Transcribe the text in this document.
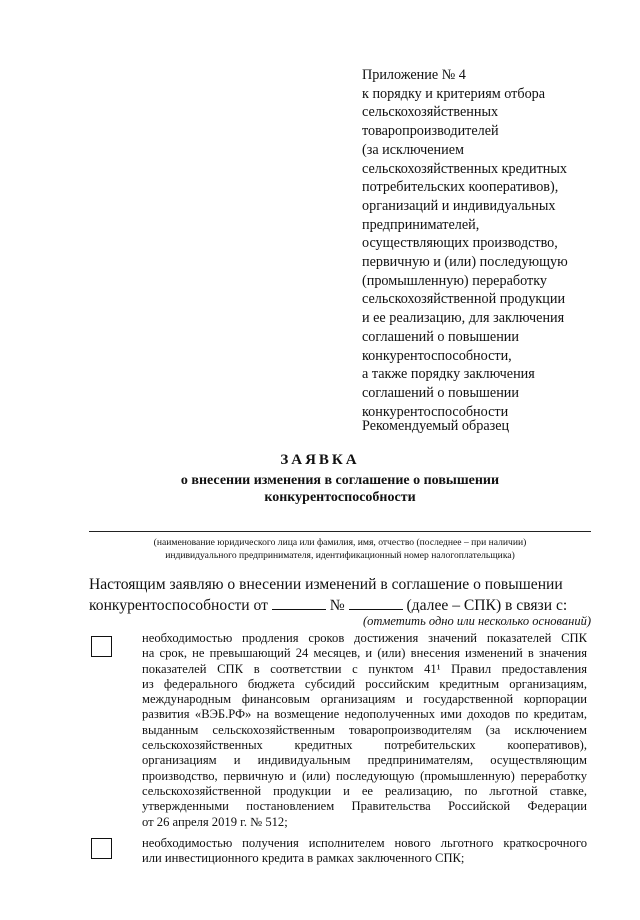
Приложение № 4
к порядку и критериям отбора
сельскохозяйственных
товаропроизводителей
(за исключением
сельскохозяйственных кредитных
потребительских кооперативов),
организаций и индивидуальных
предпринимателей,
осуществляющих производство,
первичную и (или) последующую
(промышленную) переработку
сельскохозяйственной продукции
и ее реализацию, для заключения
соглашений о повышении
конкурентоспособности,
а также порядку заключения
соглашений о повышении
конкурентоспособности
Рекомендуемый образец
ЗАЯВКА
о внесении изменения в соглашение о повышении
конкурентоспособности
(наименование юридического лица или фамилия, имя, отчество (последнее – при наличии)
индивидуального предпринимателя, идентификационный номер налогоплательщика)
Настоящим заявляю о внесении изменений в соглашение о повышении
конкурентоспособности от	№	(далее – СПК) в связи с:
(отметить одно или несколько оснований)
необходимостью продления сроков достижения значений показателей СПК
на срок, не превышающий 24 месяцев, и (или) внесения изменений в значения
показателей СПК в соответствии с пунктом 41¹ Правил предоставления
из федерального бюджета субсидий российским кредитным организациям,
международным финансовым организациям и государственной корпорации
развития «ВЭБ.РФ» на возмещение недополученных ими доходов по кредитам,
выданным сельскохозяйственным товаропроизводителям (за исключением
сельскохозяйственных кредитных потребительских кооперативов),
организациям и индивидуальным предпринимателям, осуществляющим
производство, первичную и (или) последующую (промышленную) переработку
сельскохозяйственной продукции и ее реализацию, по льготной ставке,
утвержденными постановлением Правительства Российской Федерации
от 26 апреля 2019 г. № 512;
необходимостью получения исполнителем нового льготного краткосрочного
или инвестиционного кредита в рамках заключенного СПК;
